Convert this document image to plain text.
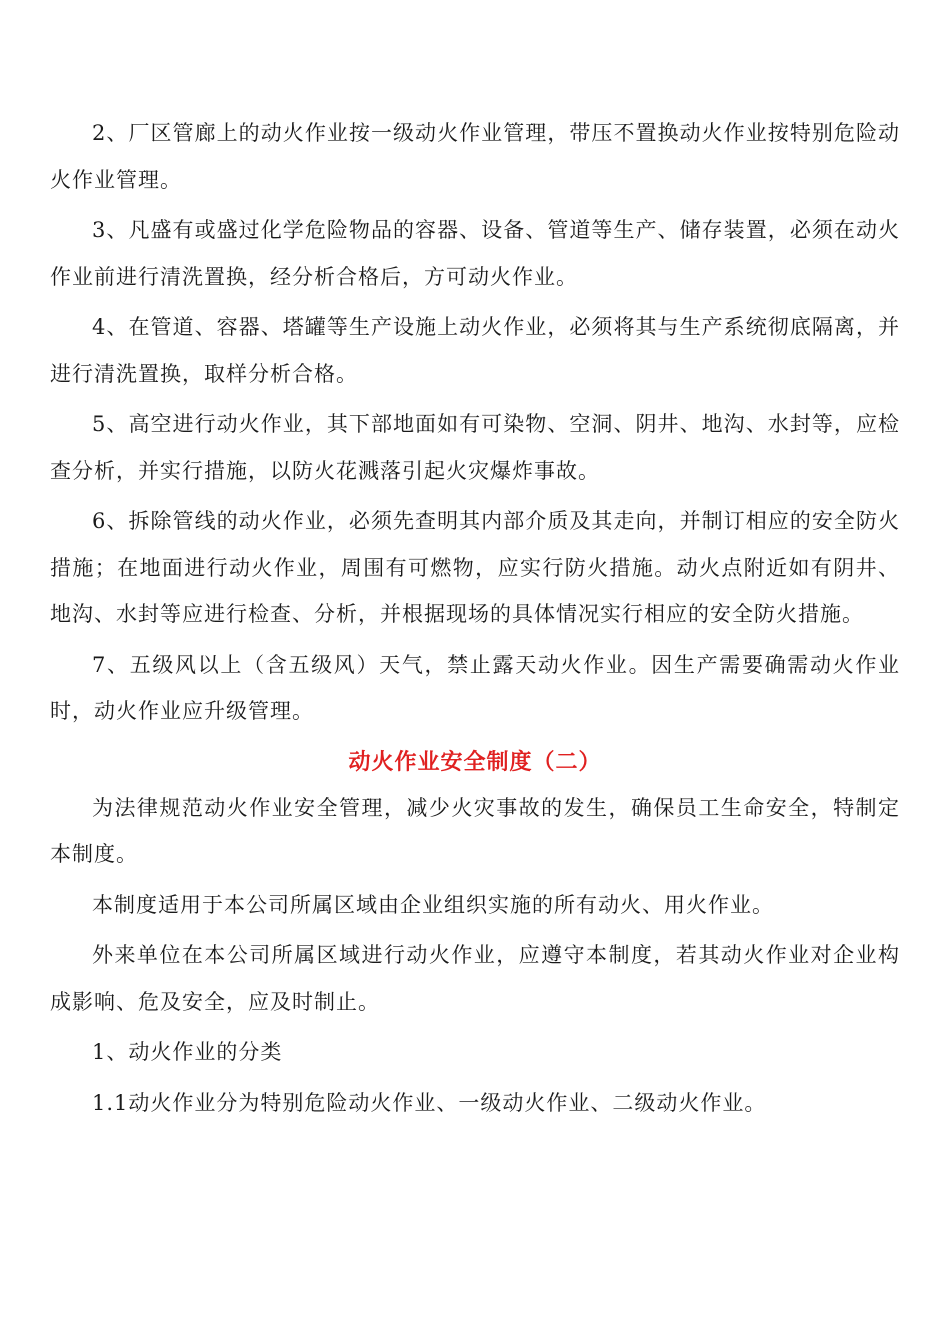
2、厂区管廊上的动火作业按一级动火作业管理，带压不置换动火作业按特别危险动火作业管理。

3、凡盛有或盛过化学危险物品的容器、设备、管道等生产、储存装置，必须在动火作业前进行清洗置换，经分析合格后，方可动火作业。

4、在管道、容器、塔罐等生产设施上动火作业，必须将其与生产系统彻底隔离，并进行清洗置换，取样分析合格。

5、高空进行动火作业，其下部地面如有可染物、空洞、阴井、地沟、水封等，应检查分析，并实行措施，以防火花溅落引起火灾爆炸事故。

6、拆除管线的动火作业，必须先查明其内部介质及其走向，并制订相应的安全防火措施；在地面进行动火作业，周围有可燃物，应实行防火措施。动火点附近如有阴井、地沟、水封等应进行检查、分析，并根据现场的具体情况实行相应的安全防火措施。

7、五级风以上（含五级风）天气，禁止露天动火作业。因生产需要确需动火作业时，动火作业应升级管理。

动火作业安全制度（二）

为法律规范动火作业安全管理，减少火灾事故的发生，确保员工生命安全，特制定本制度。

本制度适用于本公司所属区域由企业组织实施的所有动火、用火作业。

外来单位在本公司所属区域进行动火作业，应遵守本制度，若其动火作业对企业构成影响、危及安全，应及时制止。

1、动火作业的分类

1.1动火作业分为特别危险动火作业、一级动火作业、二级动火作业。
